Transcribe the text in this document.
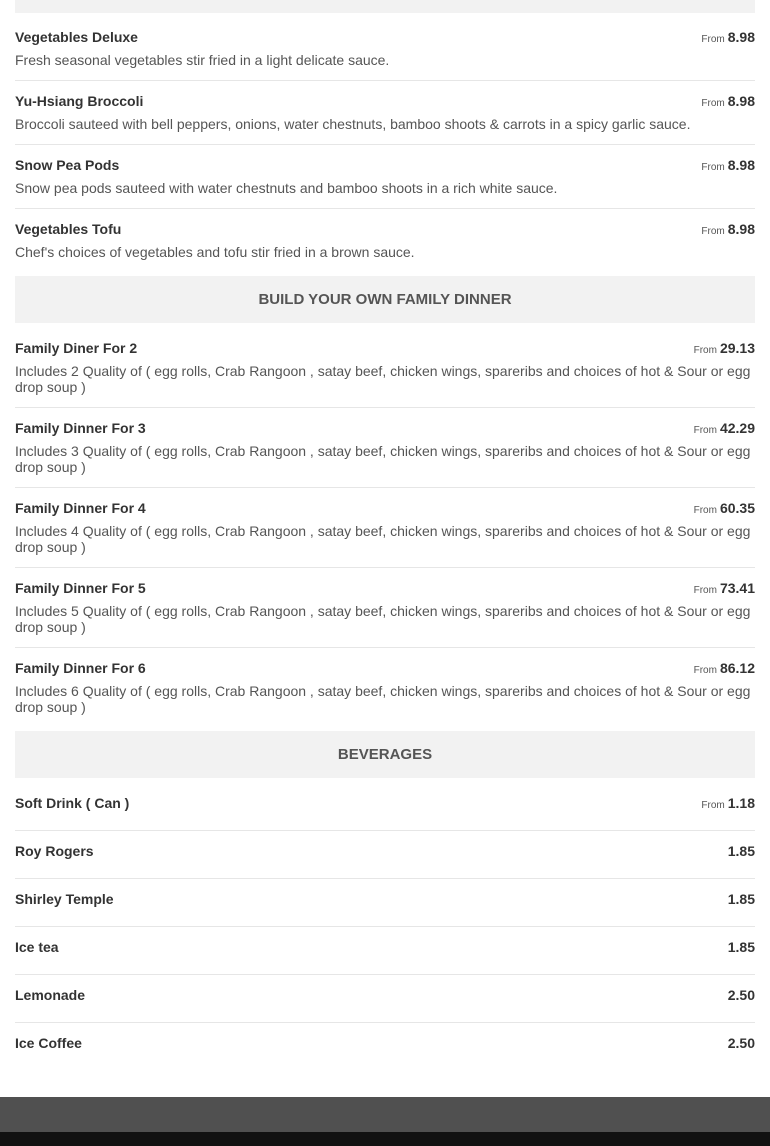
Vegetables Deluxe	From 8.98
Fresh seasonal vegetables stir fried in a light delicate sauce.
Yu-Hsiang Broccoli	From 8.98
Broccoli sauteed with bell peppers, onions, water chestnuts, bamboo shoots & carrots in a spicy garlic sauce.
Snow Pea Pods	From 8.98
Snow pea pods sauteed with water chestnuts and bamboo shoots in a rich white sauce.
Vegetables Tofu	From 8.98
Chef's choices of vegetables and tofu stir fried in a brown sauce.
BUILD YOUR OWN FAMILY DINNER
Family Diner For 2	From 29.13
Includes 2 Quality of ( egg rolls, Crab Rangoon , satay beef, chicken wings, spareribs and choices of hot & Sour or egg drop soup )
Family Dinner For 3	From 42.29
Includes 3 Quality of ( egg rolls, Crab Rangoon , satay beef, chicken wings, spareribs and choices of hot & Sour or egg drop soup )
Family Dinner For 4	From 60.35
Includes 4 Quality of ( egg rolls, Crab Rangoon , satay beef, chicken wings, spareribs and choices of hot & Sour or egg drop soup )
Family Dinner For 5	From 73.41
Includes 5 Quality of ( egg rolls, Crab Rangoon , satay beef, chicken wings, spareribs and choices of hot & Sour or egg drop soup )
Family Dinner For 6	From 86.12
Includes 6 Quality of ( egg rolls, Crab Rangoon , satay beef, chicken wings, spareribs and choices of hot & Sour or egg drop soup )
BEVERAGES
Soft Drink ( Can )	From 1.18
Roy Rogers	1.85
Shirley Temple	1.85
Ice tea	1.85
Lemonade	2.50
Ice Coffee	2.50
